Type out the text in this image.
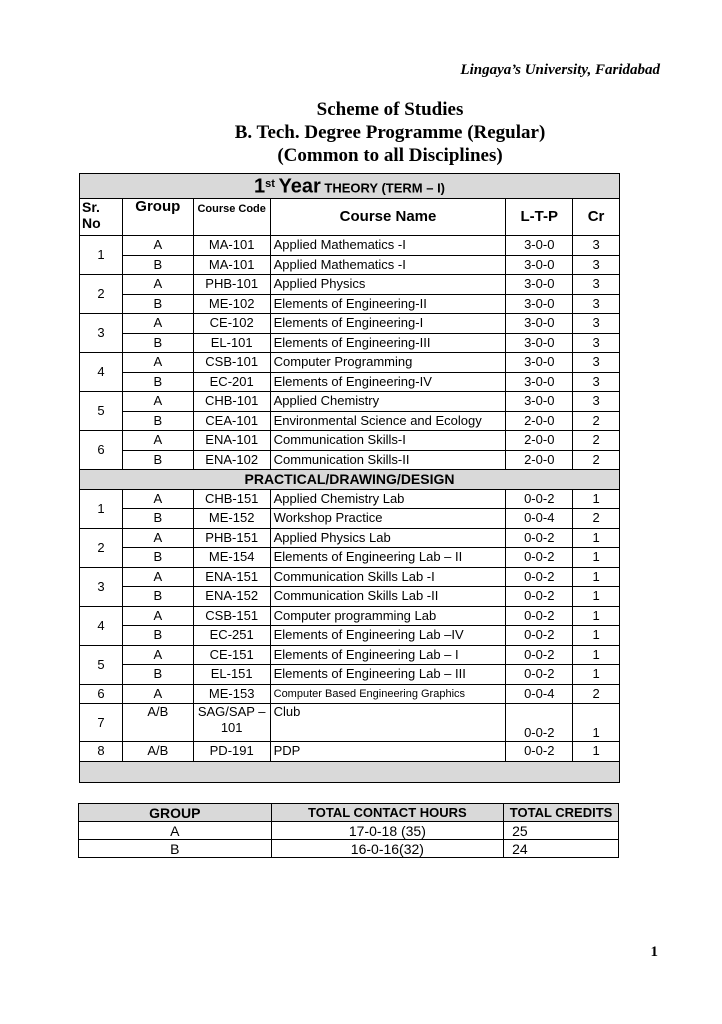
Lingaya’s University, Faridabad
Scheme of Studies
B. Tech. Degree Programme (Regular)
(Common to all Disciplines)
1st Year THEORY (TERM – I)					
Sr. No	Group	Course Code	Course Name	L-T-P	Cr
1	A	MA-101	Applied Mathematics -I	3-0-0	3
	B	MA-101	Applied Mathematics -I	3-0-0	3
2	A	PHB-101	Applied Physics	3-0-0	3
	B	ME-102	Elements of Engineering-II	3-0-0	3
3	A	CE-102	Elements of Engineering-I	3-0-0	3
	B	EL-101	Elements of Engineering-III	3-0-0	3
4	A	CSB-101	Computer Programming	3-0-0	3
	B	EC-201	Elements of Engineering-IV	3-0-0	3
5	A	CHB-101	Applied Chemistry	3-0-0	3
	B	CEA-101	Environmental Science and Ecology	2-0-0	2
6	A	ENA-101	Communication Skills-I	2-0-0	2
	B	ENA-102	Communication Skills-II	2-0-0	2
PRACTICAL/DRAWING/DESIGN					
1	A	CHB-151	Applied Chemistry Lab	0-0-2	1
	B	ME-152	Workshop Practice	0-0-4	2
2	A	PHB-151	Applied Physics Lab	0-0-2	1
	B	ME-154	Elements of Engineering Lab – II	0-0-2	1
3	A	ENA-151	Communication Skills Lab -I	0-0-2	1
	B	ENA-152	Communication Skills Lab -II	0-0-2	1
4	A	CSB-151	Computer programming Lab	0-0-2	1
	B	EC-251	Elements of Engineering Lab –IV	0-0-2	1
5	A	CE-151	Elements of Engineering Lab – I	0-0-2	1
	B	EL-151	Elements of Engineering Lab – III	0-0-2	1
6	A	ME-153	Computer Based Engineering Graphics	0-0-4	2
7	A/B	SAG/SAP – 101	Club	0-0-2	1
8	A/B	PD-191	PDP	0-0-2	1

GROUP	TOTAL CONTACT HOURS	TOTAL CREDITS
A	17-0-18 (35)	25
B	16-0-16(32)	24
1
